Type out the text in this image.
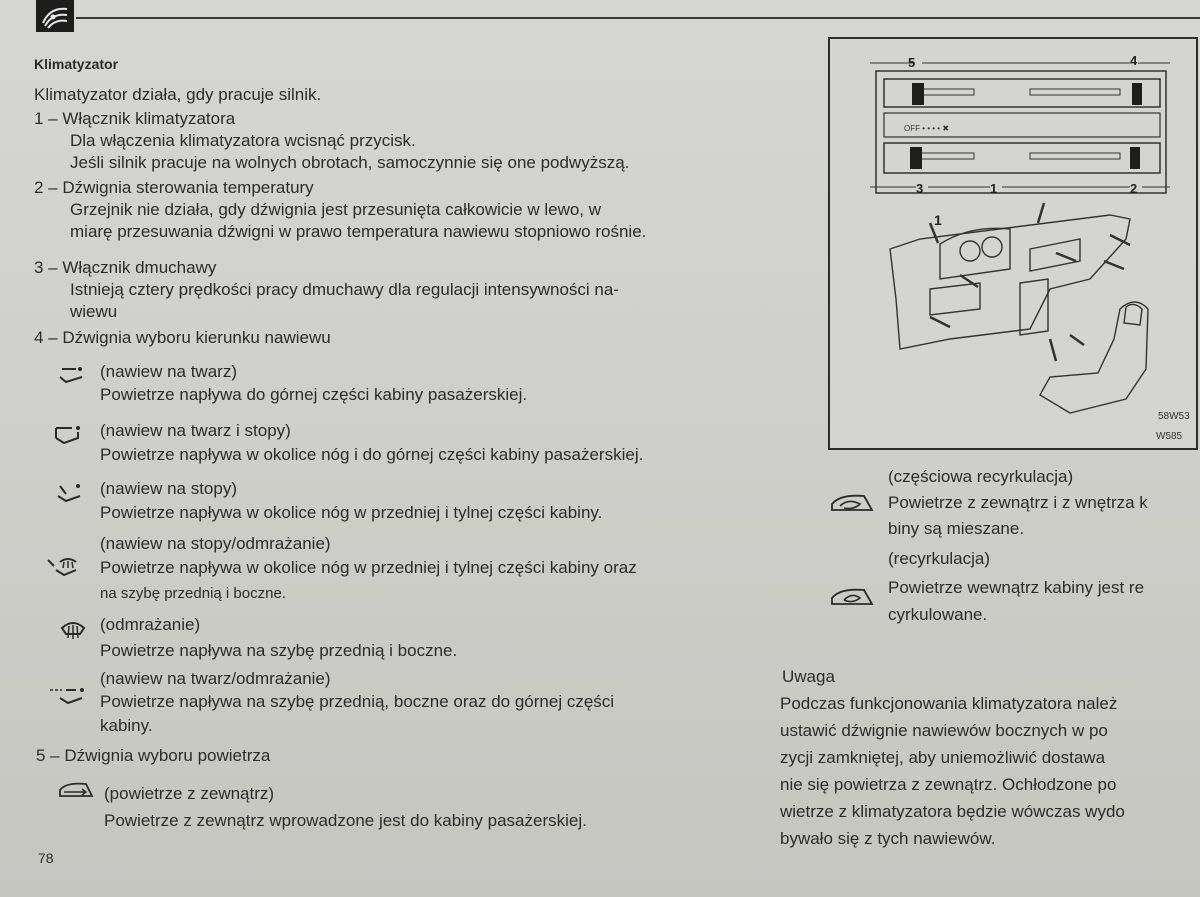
Klimatyzator
Klimatyzator działa, gdy pracuje silnik.
1 – Włącznik klimatyzatora
Dla włączenia klimatyzatora wcisnąć przycisk.
Jeśli silnik pracuje na wolnych obrotach, samoczynnie się one podwyższą.
2 – Dźwignia sterowania temperatury
Grzejnik nie działa, gdy dźwignia jest przesunięta całkowicie w lewo, w
miarę przesuwania dźwigni w prawo temperatura nawiewu stopniowo rośnie.
3 – Włącznik dmuchawy
Istnieją cztery prędkości pracy dmuchawy dla regulacji intensywności na-
wiewu
4 – Dźwignia wyboru kierunku nawiewu
(nawiew na twarz)
Powietrze napływa do górnej części kabiny pasażerskiej.
(nawiew na twarz i stopy)
Powietrze napływa w okolice nóg i do górnej części kabiny pasażerskiej.
(nawiew na stopy)
Powietrze napływa w okolice nóg w przedniej i tylnej części kabiny.
(nawiew na stopy/odmrażanie)
Powietrze napływa w okolice nóg w przedniej i tylnej części kabiny oraz
na szybę przednią i boczne.
(odmrażanie)
Powietrze napływa na szybę przednią i boczne.
(nawiew na twarz/odmrażanie)
Powietrze napływa na szybę przednią, boczne oraz do górnej części
kabiny.
5 – Dźwignia wyboru powietrza
(powietrze z zewnątrz)
Powietrze z zewnątrz wprowadzone jest do kabiny pasażerskiej.
78
OFF • • • • ✖
5	4
3	1	2
1
58W53
W585
(częściowa recyrkulacja)
Powietrze z zewnątrz i z wnętrza k
biny są mieszane.
(recyrkulacja)
Powietrze wewnątrz kabiny jest re
cyrkulowane.
Uwaga
Podczas funkcjonowania klimatyzatora należ
ustawić dźwignie nawiewów bocznych w po
zycji zamkniętej, aby uniemożliwić dostawa
nie się powietrza z zewnątrz. Ochłodzone po
wietrze z klimatyzatora będzie wówczas wydo
bywało się z tych nawiewów.
